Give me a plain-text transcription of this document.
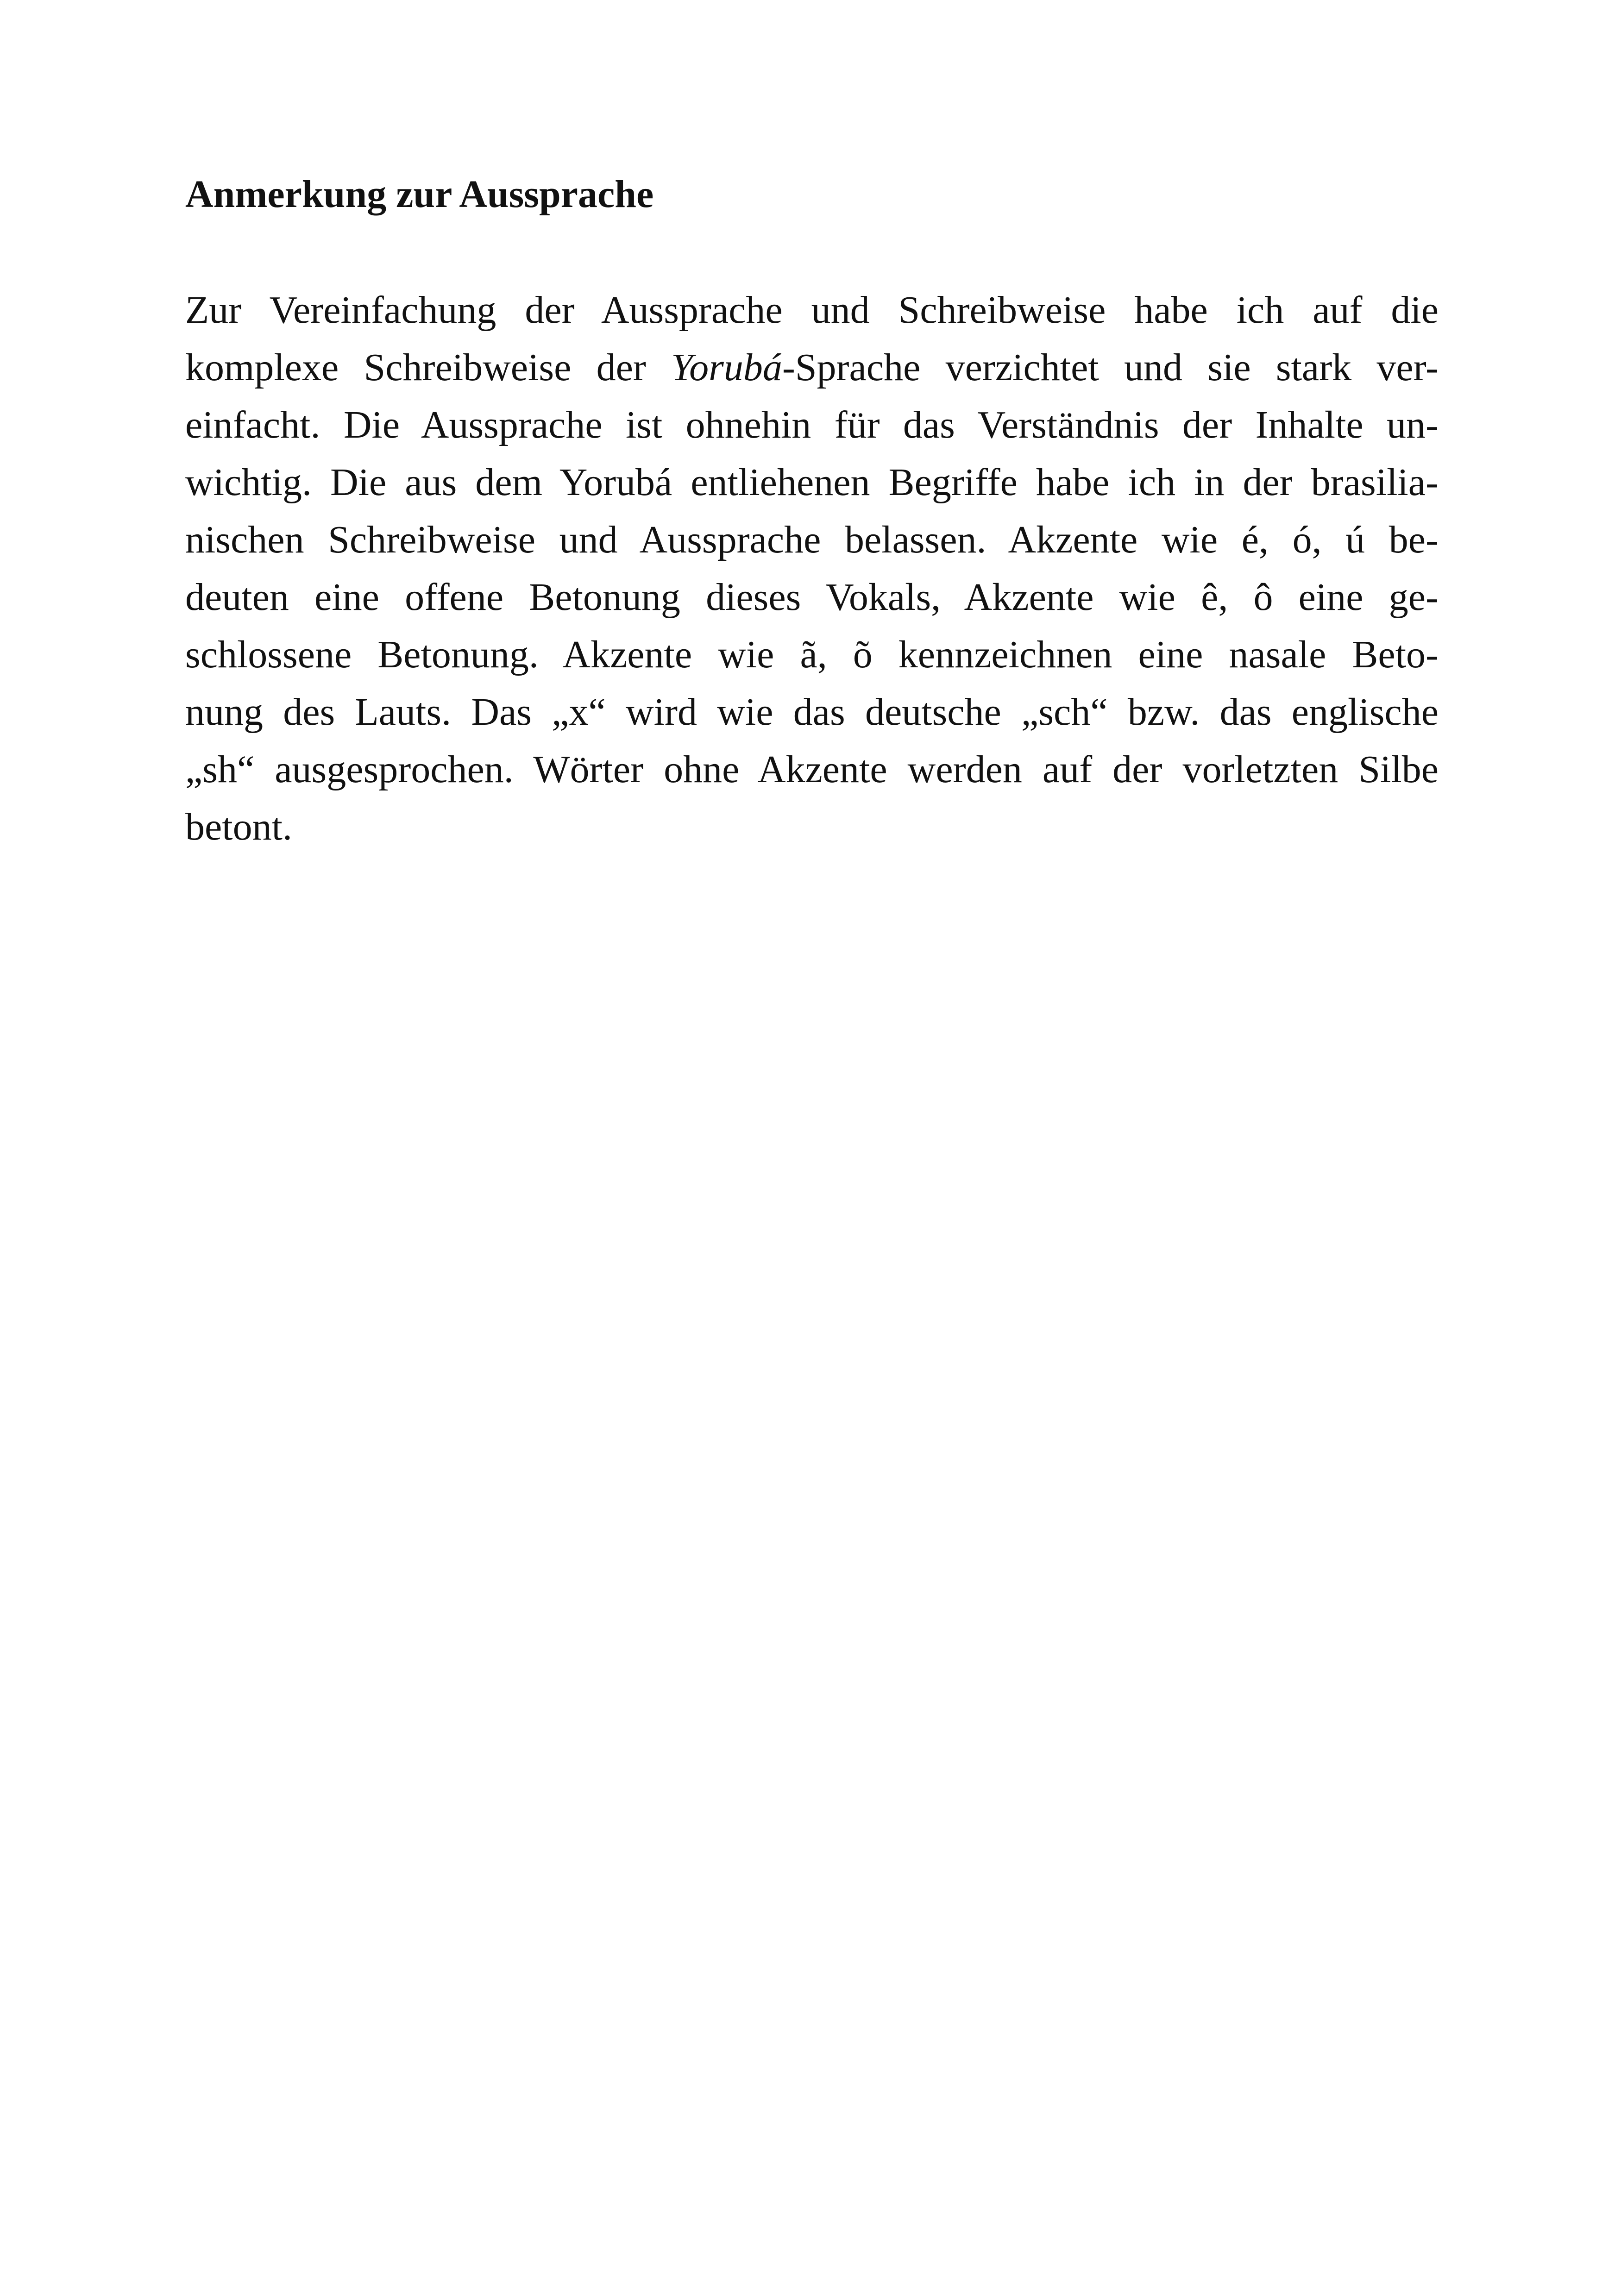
Anmerkung zur Aussprache

Zur Vereinfachung der Aussprache und Schreibweise habe ich auf die
komplexe Schreibweise der Yorubá-Sprache verzichtet und sie stark ver-
einfacht. Die Aussprache ist ohnehin für das Verständnis der Inhalte un-
wichtig. Die aus dem Yorubá entliehenen Begriffe habe ich in der brasilia-
nischen Schreibweise und Aussprache belassen. Akzente wie é, ó, ú be-
deuten eine offene Betonung dieses Vokals, Akzente wie ê, ô eine ge-
schlossene Betonung. Akzente wie ã, õ kennzeichnen eine nasale Beto-
nung des Lauts. Das „x“ wird wie das deutsche „sch“ bzw. das englische
„sh“ ausgesprochen. Wörter ohne Akzente werden auf der vorletzten Silbe
betont.
